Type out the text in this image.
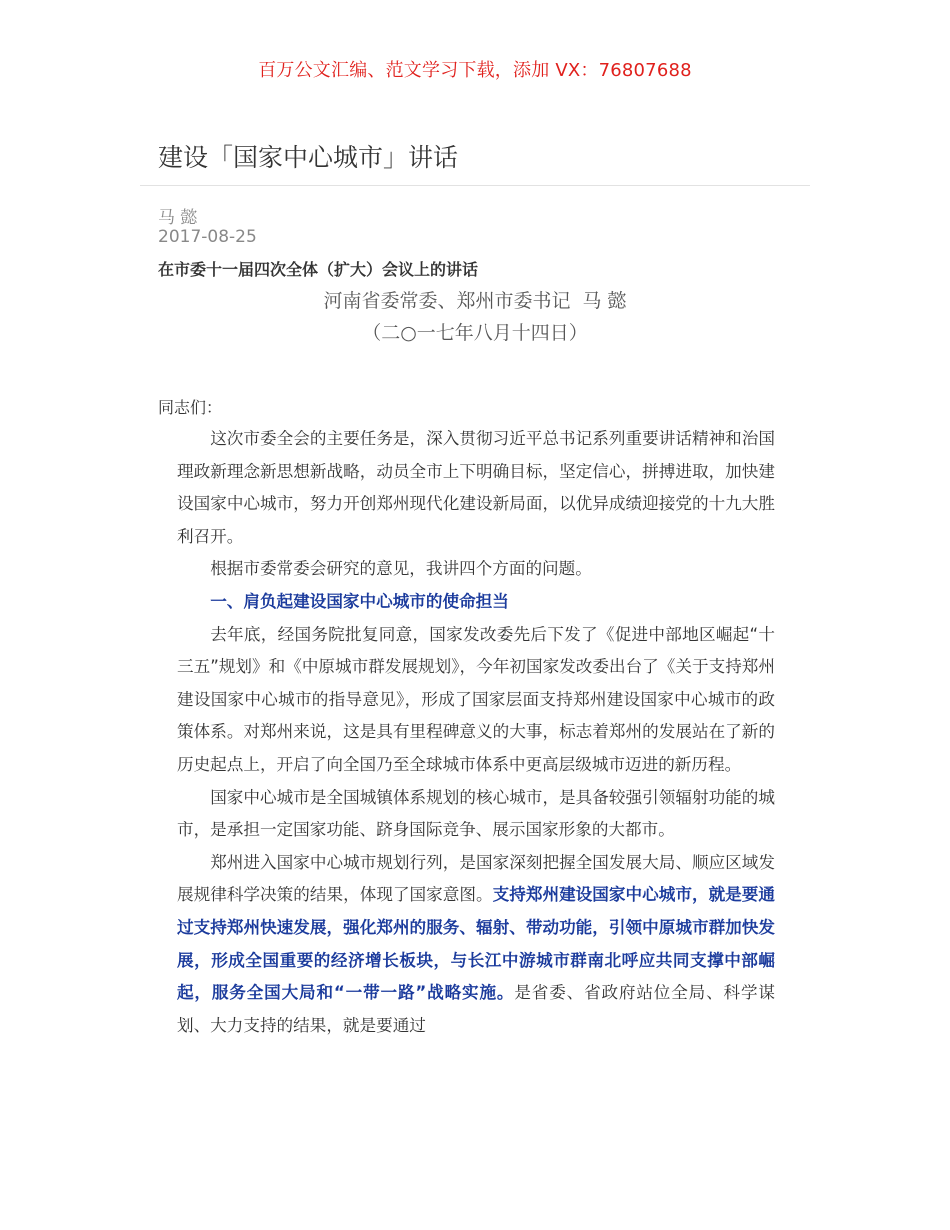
百万公文汇编、范文学习下载，添加 VX：76807688
建设「国家中心城市」讲话
马 懿
2017-08-25
在市委十一届四次全体（扩大）会议上的讲话
河南省委常委、郑州市委书记  马 懿
（二○一七年八月十四日）
同志们：

这次市委全会的主要任务是，深入贯彻习近平总书记系列重要讲话精神和治国理政新理念新思想新战略，动员全市上下明确目标，坚定信心，拼搏进取，加快建设国家中心城市，努力开创郑州现代化建设新局面，以优异成绩迎接党的十九大胜利召开。

根据市委常委会研究的意见，我讲四个方面的问题。

一、肩负起建设国家中心城市的使命担当

去年底，经国务院批复同意，国家发改委先后下发了《促进中部地区崛起“十三五”规划》和《中原城市群发展规划》，今年初国家发改委出台了《关于支持郑州建设国家中心城市的指导意见》，形成了国家层面支持郑州建设国家中心城市的政策体系。对郑州来说，这是具有里程碑意义的大事，标志着郑州的发展站在了新的历史起点上，开启了向全国乃至全球城市体系中更高层级城市迈进的新历程。

国家中心城市是全国城镇体系规划的核心城市，是具备较强引领辐射功能的城市，是承担一定国家功能、跻身国际竞争、展示国家形象的大都市。

郑州进入国家中心城市规划行列，是国家深刻把握全国发展大局、顺应区域发展规律科学决策的结果，体现了国家意图。支持郑州建设国家中心城市，就是要通过支持郑州快速发展，强化郑州的服务、辐射、带动功能，引领中原城市群加快发展，形成全国重要的经济增长板块，与长江中游城市群南北呼应共同支撑中部崛起，服务全国大局和“一带一路”战略实施。是省委、省政府站位全局、科学谋划、大力支持的结果，就是要通过
